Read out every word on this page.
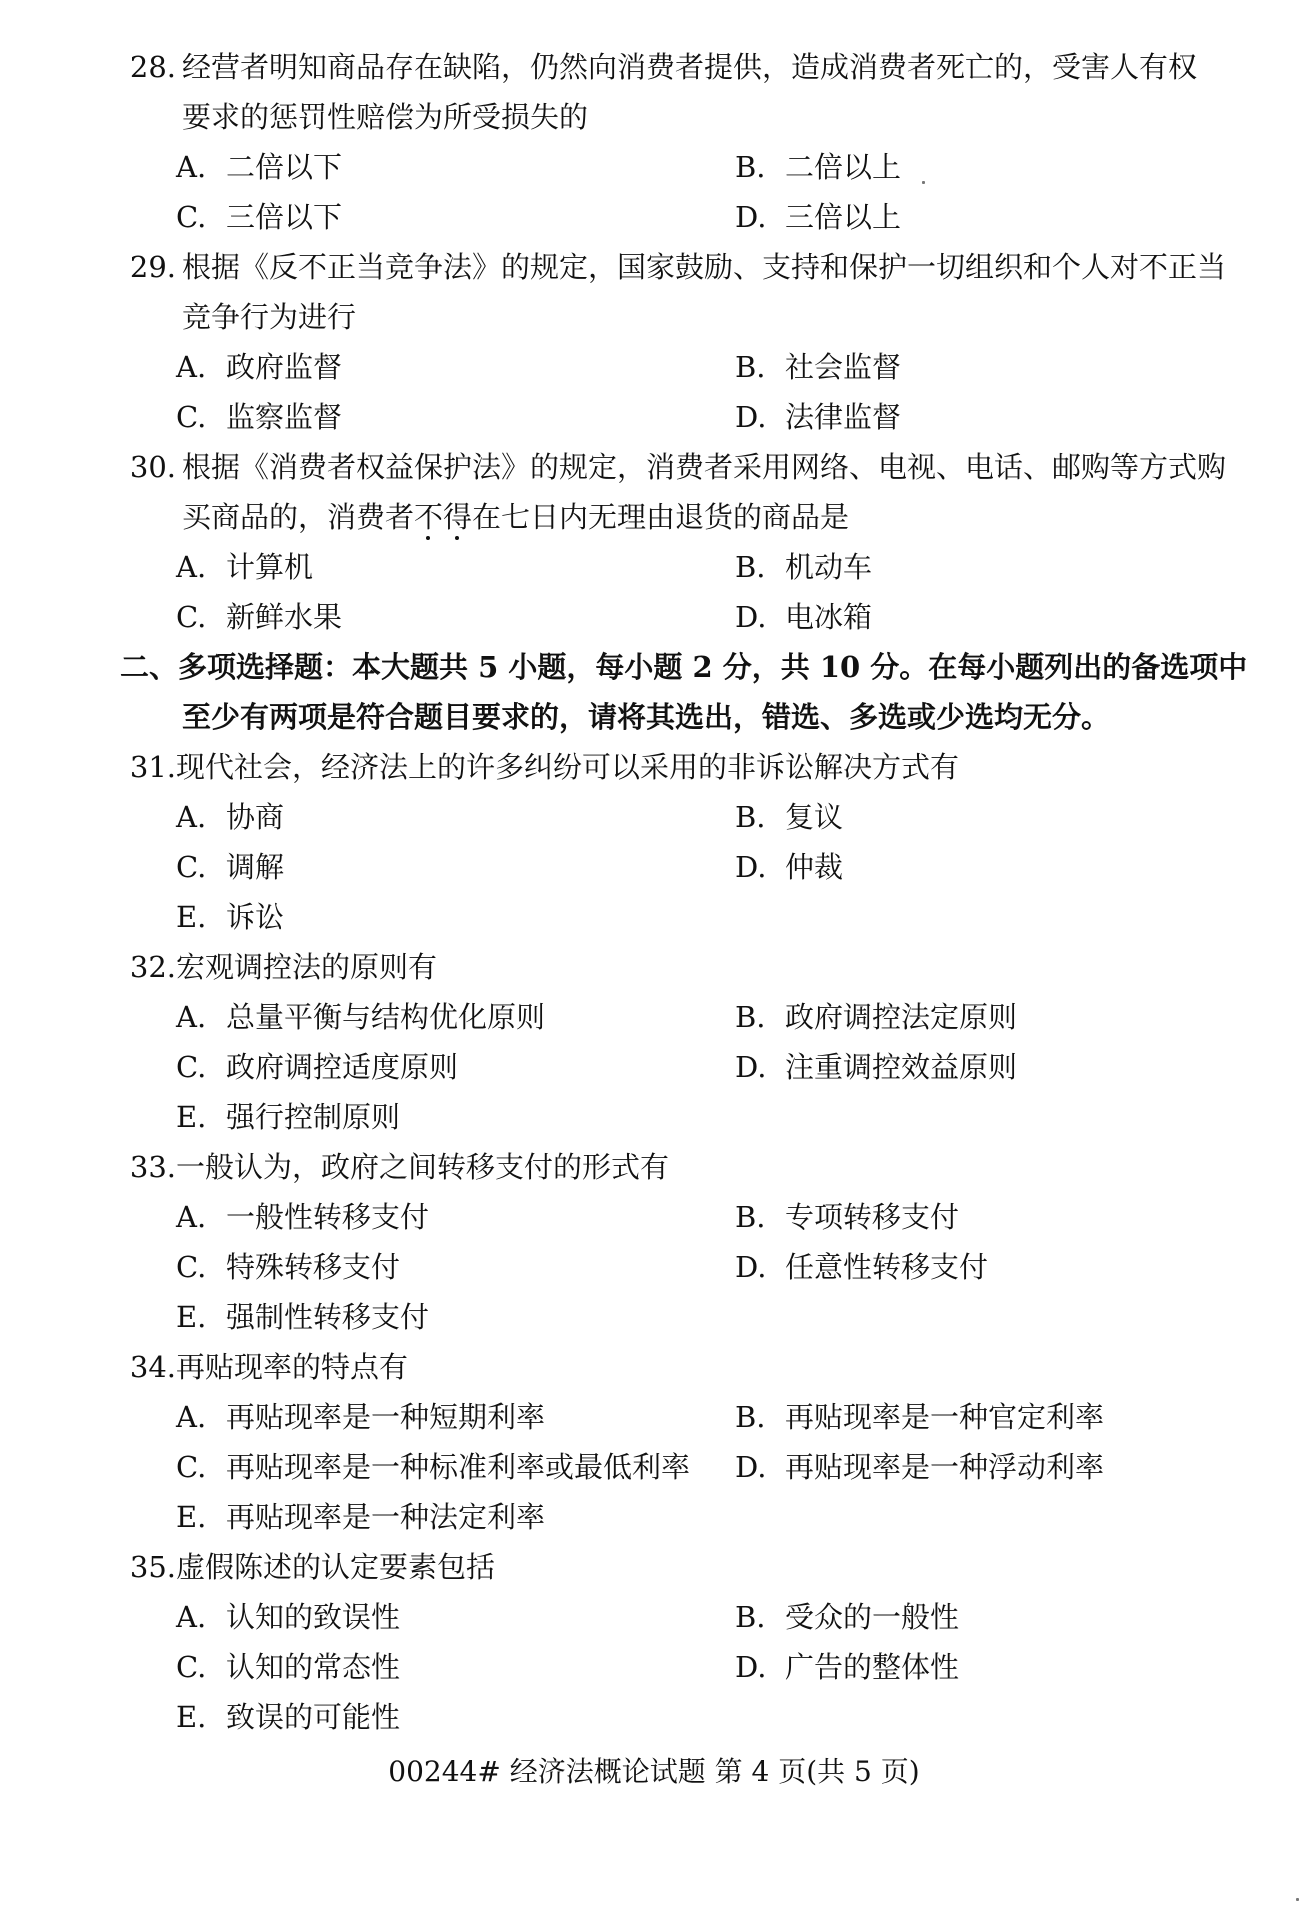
28. 经营者明知商品存在缺陷，仍然向消费者提供，造成消费者死亡的，受害人有权
要求的惩罚性赔偿为所受损失的
A. 二倍以下	B. 二倍以上
C. 三倍以下	D. 三倍以上
29. 根据《反不正当竞争法》的规定，国家鼓励、支持和保护一切组织和个人对不正当
竞争行为进行
A. 政府监督	B. 社会监督
C. 监察监督	D. 法律监督
30. 根据《消费者权益保护法》的规定，消费者采用网络、电视、电话、邮购等方式购
买商品的，消费者不得
在七日内无理由退货的商品是
A. 计算机	B. 机动车
C. 新鲜水果	D. 电冰箱
二、多项选择题：本大题共 5 小题，每小题 2 分，共 10 分。在每小题列出的备选项中
至少有两项是符合题目要求的，请将其选出，错选、多选或少选均无分。
31. 现代社会，经济法上的许多纠纷可以采用的非诉讼解决方式有
A. 协商	B. 复议
C. 调解	D. 仲裁
E. 诉讼
32. 宏观调控法的原则有
A. 总量平衡与结构优化原则	B. 政府调控法定原则
C. 政府调控适度原则	D. 注重调控效益原则
E. 强行控制原则
33. 一般认为，政府之间转移支付的形式有
A. 一般性转移支付	B. 专项转移支付
C. 特殊转移支付	D. 任意性转移支付
E. 强制性转移支付
34. 再贴现率的特点有
A. 再贴现率是一种短期利率	B. 再贴现率是一种官定利率
C. 再贴现率是一种标准利率或最低利率 D. 再贴现率是一种浮动利率
E. 再贴现率是一种法定利率
35. 虚假陈述的认定要素包括
A. 认知的致误性	B. 受众的一般性
C. 认知的常态性	D. 广告的整体性
E. 致误的可能性
00244# 经济法概论试题 第 4 页(共 5 页)
